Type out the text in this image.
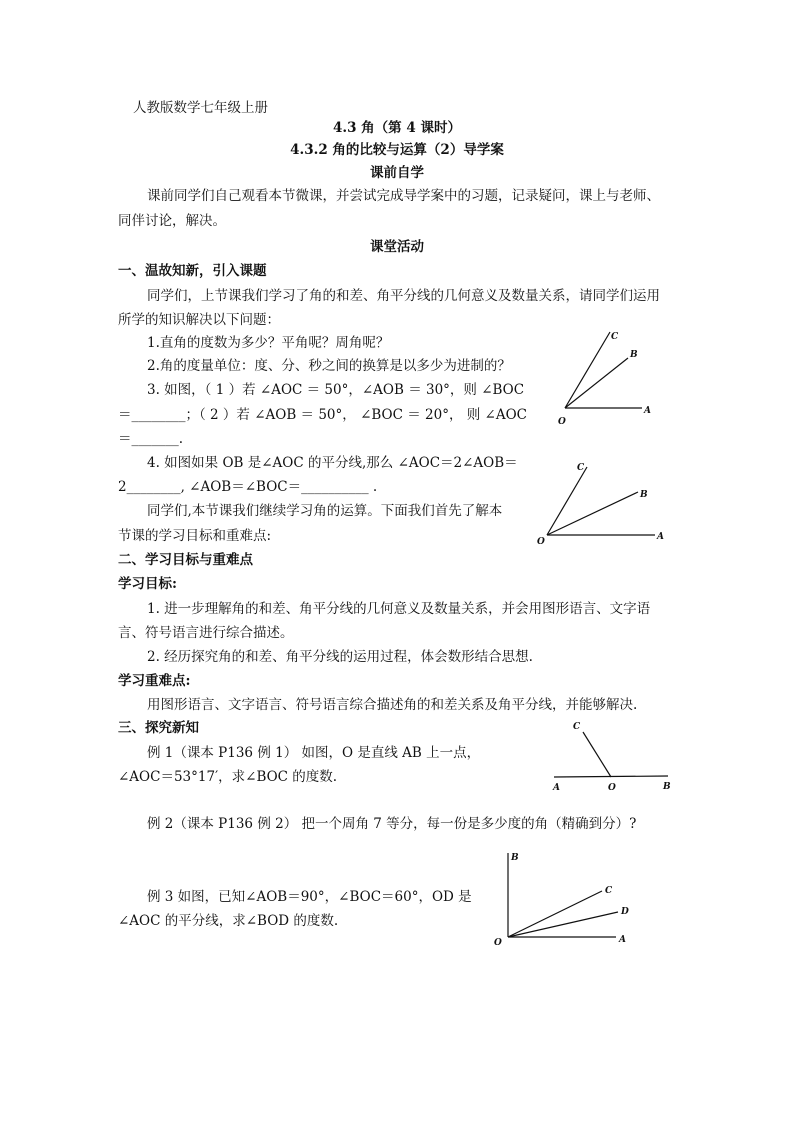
人教版数学七年级上册
4.3 角（第 4 课时）
4.3.2 角的比较与运算（2）导学案
课前自学
课前同学们自己观看本节微课，并尝试完成导学案中的习题，记录疑问，课上与老师、
同伴讨论，解决。
课堂活动
一、温故知新，引入课题
同学们，上节课我们学习了角的和差、角平分线的几何意义及数量关系，请同学们运用
所学的知识解决以下问题：
1.直角的度数为多少？平角呢？周角呢？
2.角的度量单位：度、分、秒之间的换算是以多少为进制的？
3. 如图，（ 1 ）若 ∠AOC ＝ 50°，∠AOB ＝ 30°，则 ∠BOC
＝________；（ 2 ）若 ∠AOB ＝ 50°， ∠BOC ＝ 20°， 则 ∠AOC
＝_______.
4. 如图如果 OB 是∠AOC 的平分线,那么 ∠AOC＝2∠AOB＝
2________, ∠AOB＝∠BOC＝__________ .
同学们,本节课我们继续学习角的运算。下面我们首先了解本
节课的学习目标和重难点:
二、学习目标与重难点
学习目标:
1. 进一步理解角的和差、角平分线的几何意义及数量关系，并会用图形语言、文字语
言、符号语言进行综合描述。
2. 经历探究角的和差、角平分线的运用过程，体会数形结合思想.
学习重难点:
用图形语言、文字语言、符号语言综合描述角的和差关系及角平分线，并能够解决.
三、探究新知
例 1（课本 P136 例 1） 如图，O 是直线 AB 上一点，
∠AOC＝53°17′，求∠BOC 的度数.
例 2（课本 P136 例 2） 把一个周角 7 等分，每一份是多少度的角（精确到分）?
例 3 如图，已知∠AOB＝90°，∠BOC＝60°，OD 是
∠AOC 的平分线，求∠BOD 的度数.
O
A
B
C
O	A
B
C
A	O	B
C
O	A
B
C
D
